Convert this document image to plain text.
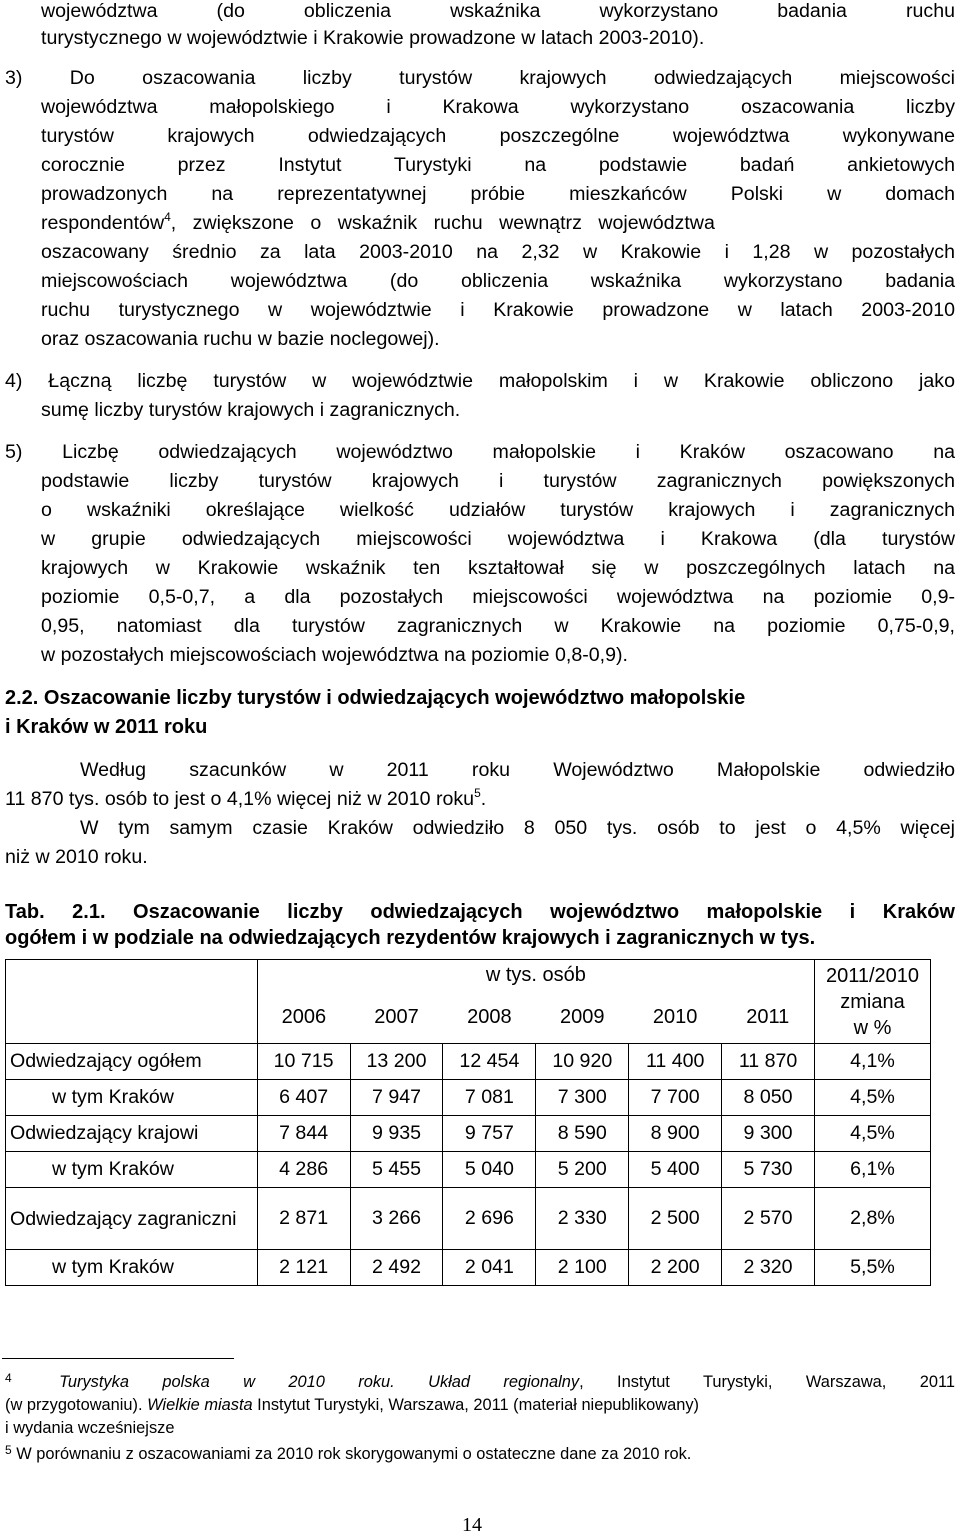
województwa (do obliczenia wskaźnika wykorzystano badania ruchu
turystycznego w województwie i Krakowie prowadzone w latach 2003-2010).
3) Do oszacowania liczby turystów krajowych odwiedzających miejscowości
województwa małopolskiego i Krakowa wykorzystano oszacowania liczby
turystów krajowych odwiedzających poszczególne województwa wykonywane
corocznie przez Instytut Turystyki na podstawie badań ankietowych
prowadzonych na reprezentatywnej próbie mieszkańców Polski w domach
respondentów$^4$, zwiększone o wskaźnik ruchu wewnątrz województwa
oszacowany średnio za lata 2003-2010 na 2,32 w Krakowie i 1,28 w pozostałych
miejscowościach województwa (do obliczenia wskaźnika wykorzystano badania
ruchu turystycznego w województwie i Krakowie prowadzone w latach 2003-2010
oraz oszacowania ruchu w bazie noclegowej).
4) Łączną liczbę turystów w województwie małopolskim i w Krakowie obliczono jako
sumę liczby turystów krajowych i zagranicznych.
5) Liczbę odwiedzających województwo małopolskie i Kraków oszacowano na
podstawie liczby turystów krajowych i turystów zagranicznych powiększonych
o wskaźniki określające wielkość udziałów turystów krajowych i zagranicznych
w grupie odwiedzających miejscowości województwa i Krakowa (dla turystów
krajowych w Krakowie wskaźnik ten kształtował się w poszczególnych latach na
poziomie 0,5-0,7, a dla pozostałych miejscowości województwa na poziomie 0,9-
0,95, natomiast dla turystów zagranicznych w Krakowie na poziomie 0,75-0,9,
w pozostałych miejscowościach województwa na poziomie 0,8-0,9).
2.2. Oszacowanie liczby turystów i odwiedzających województwo małopolskie
i Kraków w 2011 roku
Według szacunków w 2011 roku Województwo Małopolskie odwiedziło
11 870 tys. osób to jest o 4,1% więcej niż w 2010 roku$^5$.
W tym samym czasie Kraków odwiedziło 8 050 tys. osób to jest o 4,5% więcej
niż w 2010 roku.
Tab. 2.1. Oszacowanie liczby odwiedzających województwo małopolskie i Kraków
ogółem i w podziale na odwiedzających rezydentów krajowych i zagranicznych w tys.
	w tys. osób						2011/2010
zmiana
w %

	2006	2007	2008	2009	2010	2011	
Odwiedzający ogółem	10 715	13 200	12 454	10 920	11 400	11 870	4,1%
w tym Kraków	6 407	7 947	7 081	7 300	7 700	8 050	4,5%
Odwiedzający krajowi	7 844	9 935	9 757	8 590	8 900	9 300	4,5%
w tym Kraków	4 286	5 455	5 040	5 200	5 400	5 730	6,1%
Odwiedzający zagraniczni	2 871	3 266	2 696	2 330	2 500	2 570	2,8%
w tym Kraków	2 121	2 492	2 041	2 100	2 200	2 320	5,5%
$^4$	Turystyka polska w 2010 roku. Układ regionalny, Instytut Turystyki, Warszawa, 2011
(w przygotowaniu). Wielkie miasta Instytut Turystyki, Warszawa, 2011 (materiał niepublikowany)
i wydania wcześniejsze
$^5$ W porównaniu z oszacowaniami za 2010 rok skorygowanymi o ostateczne dane za 2010 rok.
14
